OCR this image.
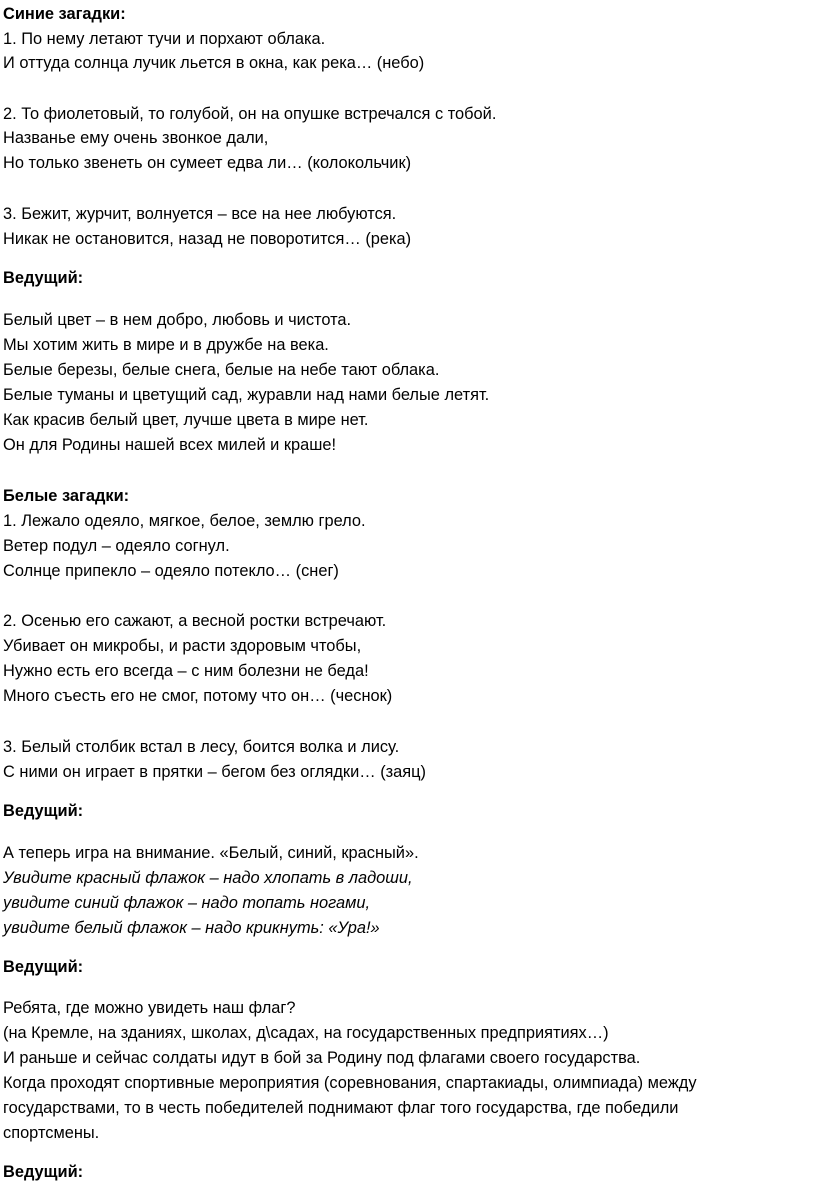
Синие загадки:

1. По нему летают тучи и порхают облака.

И оттуда солнца лучик льется в окна, как река… (небо)

2. То фиолетовый, то голубой, он на опушке встречался с тобой.

Названье ему очень звонкое дали,

Но только звенеть он сумеет едва ли… (колокольчик)

3. Бежит, журчит, волнуется – все на нее любуются.

Никак не остановится, назад не поворотится… (река)

Ведущий:

Белый цвет – в нем добро, любовь и чистота.

Мы хотим жить в мире и в дружбе на века.

Белые березы, белые снега, белые на небе тают облака.

Белые туманы и цветущий сад, журавли над нами белые летят.

Как красив белый цвет, лучше цвета в мире нет.

Он для Родины нашей всех милей и краше!

Белые загадки:

1. Лежало одеяло, мягкое, белое, землю грело.

Ветер подул – одеяло согнул.

Солнце припекло – одеяло потекло… (снег)

2. Осенью его сажают, а весной ростки встречают.

Убивает он микробы, и расти здоровым чтобы,

Нужно есть его всегда – с ним болезни не беда!

Много съесть его не смог, потому что он… (чеснок)

3. Белый столбик встал в лесу, боится волка и лису.

С ними он играет в прятки – бегом без оглядки… (заяц)

Ведущий:

А теперь игра на внимание. «Белый, синий, красный».

Увидите красный флажок – надо хлопать в ладоши,

увидите синий флажок – надо топать ногами,

увидите белый флажок – надо крикнуть: «Ура!»

Ведущий:

Ребята, где можно увидеть наш флаг?

(на Кремле, на зданиях, школах, д\садах, на государственных предприятиях…)

И раньше и сейчас солдаты идут в бой за Родину под флагами своего государства.

Когда проходят спортивные мероприятия (соревнования, спартакиады, олимпиада) между

государствами, то в честь победителей поднимают флаг того государства, где победили

спортсмены.

Ведущий:
